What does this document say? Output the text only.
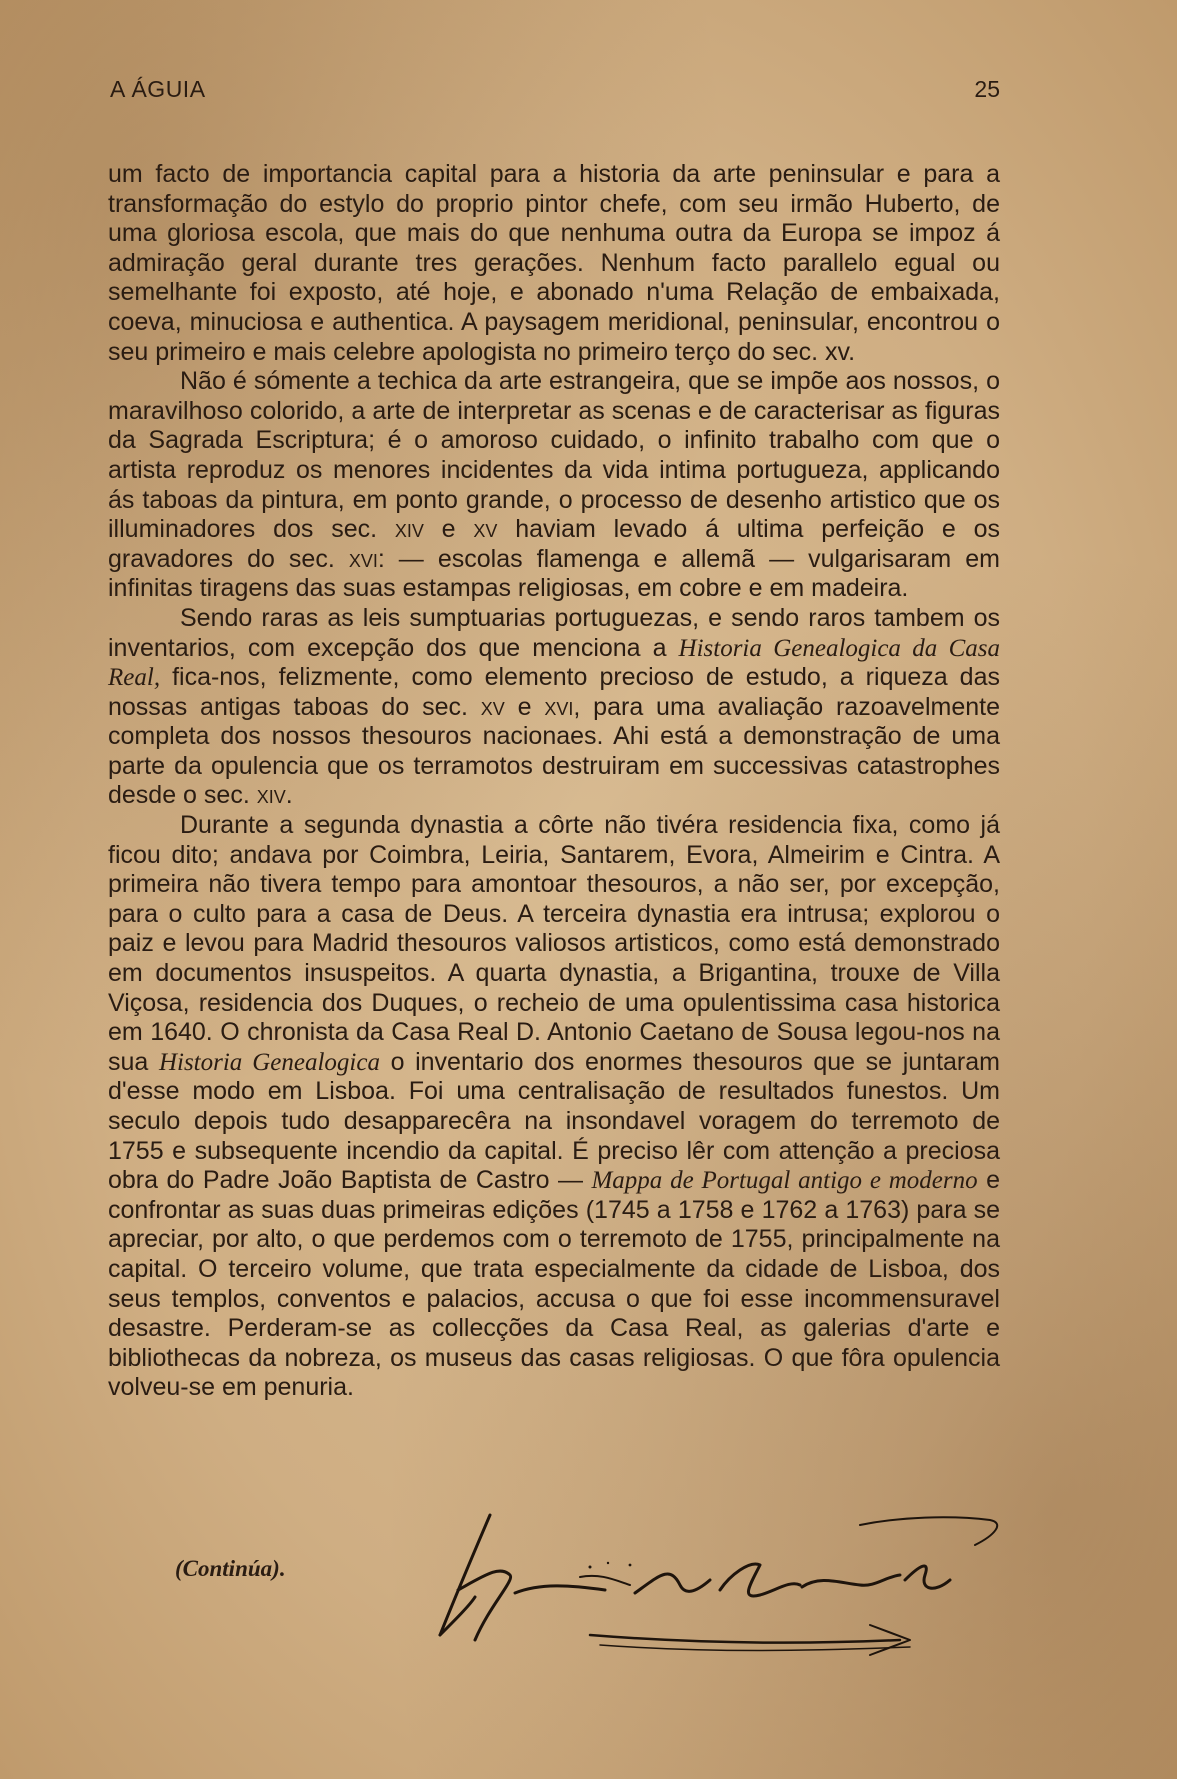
A ÁGUIA	25

um facto de importancia capital para a historia da arte peninsular e para a transformação do estylo do proprio pintor chefe, com seu irmão Huberto, de uma gloriosa escola, que mais do que nenhuma outra da Europa se impoz á admiração geral durante tres gerações. Nenhum facto parallelo egual ou semelhante foi exposto, até hoje, e abonado n'uma Relação de embaixada, coeva, minuciosa e authentica. A paysagem meridional, peninsular, encontrou o seu primeiro e mais celebre apologista no primeiro terço do sec. xv.

Não é sómente a techica da arte estrangeira, que se impõe aos nossos, o maravilhoso colorido, a arte de interpretar as scenas e de caracterisar as figuras da Sagrada Escriptura; é o amoroso cuidado, o infinito trabalho com que o artista reproduz os menores incidentes da vida intima portugueza, applicando ás taboas da pintura, em ponto grande, o processo de desenho artistico que os illuminadores dos sec. xiv e xv haviam levado á ultima perfeição e os gravadores do sec. xvi: — escolas flamenga e allemã — vulgarisaram em infinitas tiragens das suas estampas religiosas, em cobre e em madeira.

Sendo raras as leis sumptuarias portuguezas, e sendo raros tambem os inventarios, com excepção dos que menciona a Historia Genealogica da Casa Real, fica-nos, felizmente, como elemento precioso de estudo, a riqueza das nossas antigas taboas do sec. xv e xvi, para uma avaliação razoavelmente completa dos nossos thesouros nacionaes. Ahi está a demonstração de uma parte da opulencia que os terramotos destruiram em successivas catastrophes desde o sec. xiv.

Durante a segunda dynastia a côrte não tivéra residencia fixa, como já ficou dito; andava por Coimbra, Leiria, Santarem, Evora, Almeirim e Cintra. A primeira não tivera tempo para amontoar thesouros, a não ser, por excepção, para o culto para a casa de Deus. A terceira dynastia era intrusa; explorou o paiz e levou para Madrid thesouros valiosos artisticos, como está demonstrado em documentos insuspeitos. A quarta dynastia, a Brigantina, trouxe de Villa Viçosa, residencia dos Duques, o recheio de uma opulentissima casa historica em 1640. O chronista da Casa Real D. Antonio Caetano de Sousa legou-nos na sua Historia Genealogica o inventario dos enormes thesouros que se juntaram d'esse modo em Lisboa. Foi uma centralisação de resultados funestos. Um seculo depois tudo desapparecêra na insondavel voragem do terremoto de 1755 e subsequente incendio da capital. É preciso lêr com attenção a preciosa obra do Padre João Baptista de Castro — Mappa de Portugal antigo e moderno e confrontar as suas duas primeiras edições (1745 a 1758 e 1762 a 1763) para se apreciar, por alto, o que perdemos com o terremoto de 1755, principalmente na capital. O terceiro volume, que trata especialmente da cidade de Lisboa, dos seus templos, conventos e palacios, accusa o que foi esse incommensuravel desastre. Perderam-se as collecções da Casa Real, as galerias d'arte e bibliothecas da nobreza, os museus das casas religiosas. O que fôra opulencia volveu-se em penuria.

(Continúa).
